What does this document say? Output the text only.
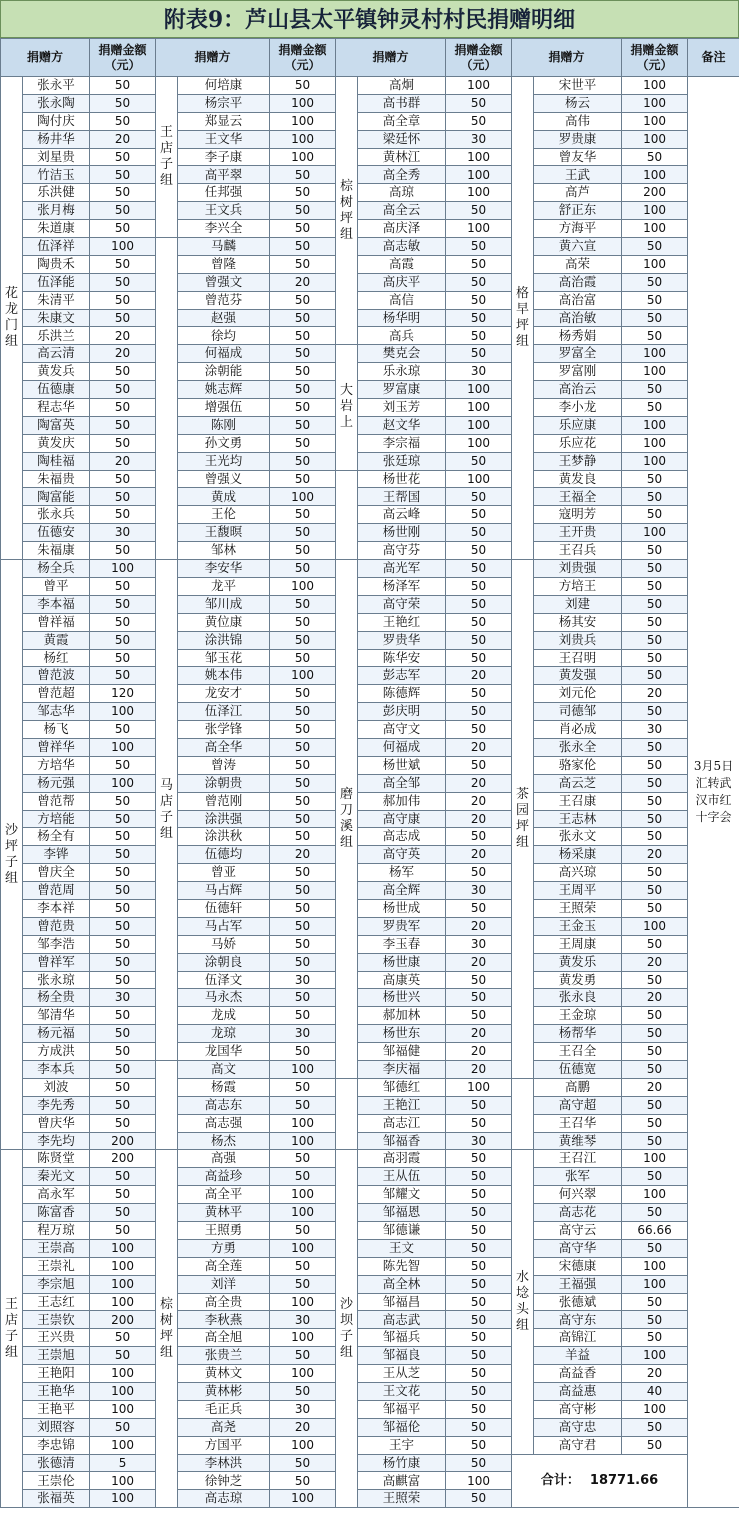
附表9：芦山县太平镇钟灵村村民捐赠明细
捐赠方		捐赠金额（元）	捐赠方		捐赠金额（元）	捐赠方		捐赠金额（元）	捐赠方		捐赠金额（元）	备注

花龙门组	张永平	50	王店子组	何培康	50	棕树坪组	高炯	100	格早坪组	宋世平	100	3月5日汇转武汉市红十字会
	张永陶	50		杨宗平	100		高书群	50		杨云	100	
	陶付庆	50		郑显云	100		高全章	50		高伟	100	
	杨井华	20		王文华	100		梁廷怀	30		罗贵康	100	
	刘星贵	50		李子康	100		黄林江	100		曾友华	50	
	竹洁玉	50		高平翠	50		高全秀	100		王武	100	
	乐洪健	50		任邦强	50		高琼	100		高芦	200	
	张月梅	50		王文兵	50		高全云	50		舒正东	100	
	朱道康	50		李兴全	50		高庆泽	100		方海平	100	
	伍泽祥	100		马麟	50		高志敏	50		黄六宣	50	
	陶贵禾	50		曾隆	50		高霞	50		高荣	100	
	伍泽能	50		曾强文	20		高庆平	50		高治霞	50	
	朱清平	50		曾范芬	50		高信	50		高治富	50	
	朱康文	50		赵强	50		杨华明	50		高治敏	50	
	乐洪兰	20		徐均	50		高兵	50		杨秀娟	50	
	高云清	20		何福成	50	大岩上	樊克会	50		罗富全	100	
	黄发兵	50		涂朝能	50		乐永琼	30		罗富刚	100	
	伍德康	50		姚志辉	50		罗富康	100		高治云	50	
	程志华	50		增强伍	50		刘玉芳	100		李小龙	50	
	陶富英	50		陈刚	50		赵文华	100		乐应康	100	
	黄发庆	50		孙文勇	50		李宗福	100		乐应花	100	
	陶桂福	20		王光均	50		张廷琼	50		王梦静	100	
	朱福贵	50		曾强义	50		杨世花	100		黄发良	50	
	陶富能	50		黄成	100		王帮国	50		王福全	50	
	张永兵	50		王伦	50		高云峰	50		寇明芳	50	
	伍德安	30		王馥暝	50		杨世刚	50		王开贵	100	
	朱福康	50		邹林	50		高守芬	50		王召兵	50	

沙坪子组	杨全兵	100	马店子组	李安华	50	磨刀溪组	高光军	50	茶园坪组	刘贵强	50	
	曾平	50		龙平	100		杨泽军	50		方培王	50	
	李本福	50		邹川成	50		高守荣	50		刘建	50	
	曾祥福	50		黄位康	50		王艳红	50		杨其安	50	
	黄霞	50		涂洪锦	50		罗贵华	50		刘贵兵	50	
	杨红	50		邹玉花	50		陈华安	50		王召明	50	
	曾范波	50		姚本伟	100		彭志军	20		黄发强	50	
	曾范超	120		龙安才	50		陈德辉	50		刘元伦	20	
	邹志华	100		伍泽江	50		彭庆明	50		司德邹	50	
	杨飞	50		张学锋	50		高守文	50		肖必成	30	
	曾祥华	100		高全华	50		何福成	20		张永全	50	
	方培华	50		曾涛	50		杨世斌	50		骆家伦	50	
	杨元强	100		涂朝贵	50		高全邹	20		高云芝	50	
	曾范帮	50		曾范刚	50		郝加伟	20		王召康	50	
	方培能	50		涂洪强	50		高守康	20		王志林	50	
	杨全有	50		涂洪秋	50		高志成	50		张永文	50	
	李铧	50		伍德均	20		高守英	20		杨采康	20	
	曾庆全	50		曾亚	50		杨军	50		高兴琼	50	
	曾范周	50		马占辉	50		高全辉	30		王周平	50	
	李本祥	50		伍德轩	50		杨世成	50		王照荣	50	
	曾范贵	50		马占军	50		罗贵军	20		王金玉	100	
	邹李浩	50		马娇	50		李玉春	30		王周康	50	
	曾祥军	50		涂朝良	50		杨世康	20		黄发乐	20	
	张永琼	50		伍泽文	30		高康英	50		黄发勇	50	
	杨全贵	30		马永杰	50		杨世兴	50		张永良	20	
	邹清华	50		龙成	50		郝加林	50		王金琼	50	
	杨元福	50		龙琼	30		杨世东	20		杨帮华	50	
	方成洪	50		龙国华	50		邹福健	20		王召全	50	
	李本兵	50		高文	100		李庆福	20		伍德宽	50	
	刘波	50		杨霞	50		邹德红	100		高鹏	20	
	李先秀	50		高志东	50		王艳江	50		高守超	50	
	曾庆华	50		高志强	100		高志江	50		王召华	50	
	李先均	200		杨杰	100		邹福香	30		黄维琴	50	

王店子组	陈贤堂	200	棕树坪组	高强	50	沙坝子组	高羽霞	50	水埝头组	王召江	100	
	秦光文	50		高益珍	50		王从伍	50		张军	50	
	高永军	50		高全平	100		邹耀文	50		何兴翠	100	
	陈富香	50		黄林平	100		邹福恩	50		高志花	50	
	程万琼	50		王照勇	50		邹德谦	50		高守云	66.66	
	王崇高	100		方勇	100		王文	50		高守华	50	
	王崇礼	100		高全莲	50		陈先智	50		宋德康	100	
	李宗旭	100		刘洋	50		高全林	50		王福强	100	
	王志红	100		高全贵	100		邹福昌	50		张德斌	50	
	王崇钦	200		李秋燕	30		高志武	50		高守东	50	
	王兴贵	50		高全旭	100		邹福兵	50		高锦江	50	
	王崇旭	50		张贵兰	50		邹福良	50		羊益	100	
	王艳阳	100		黄林文	100		王从芝	50		高益香	20	
	王艳华	100		黄林彬	50		王文花	50		高益惠	40	
	王艳平	100		毛正兵	30		邹福平	50		高守彬	100	
	刘照容	50		高尧	20		邹福伦	50		高守忠	50	
	李忠锦	100		方国平	100		王宇	50		高守君	50	
	张德清	5		李林洪	50		杨竹康	50	合计： 18771.66			
	王崇伦	100		徐钟芝	50		高麒富	100				
	张福英	100		高志琼	100		王照荣	50				
